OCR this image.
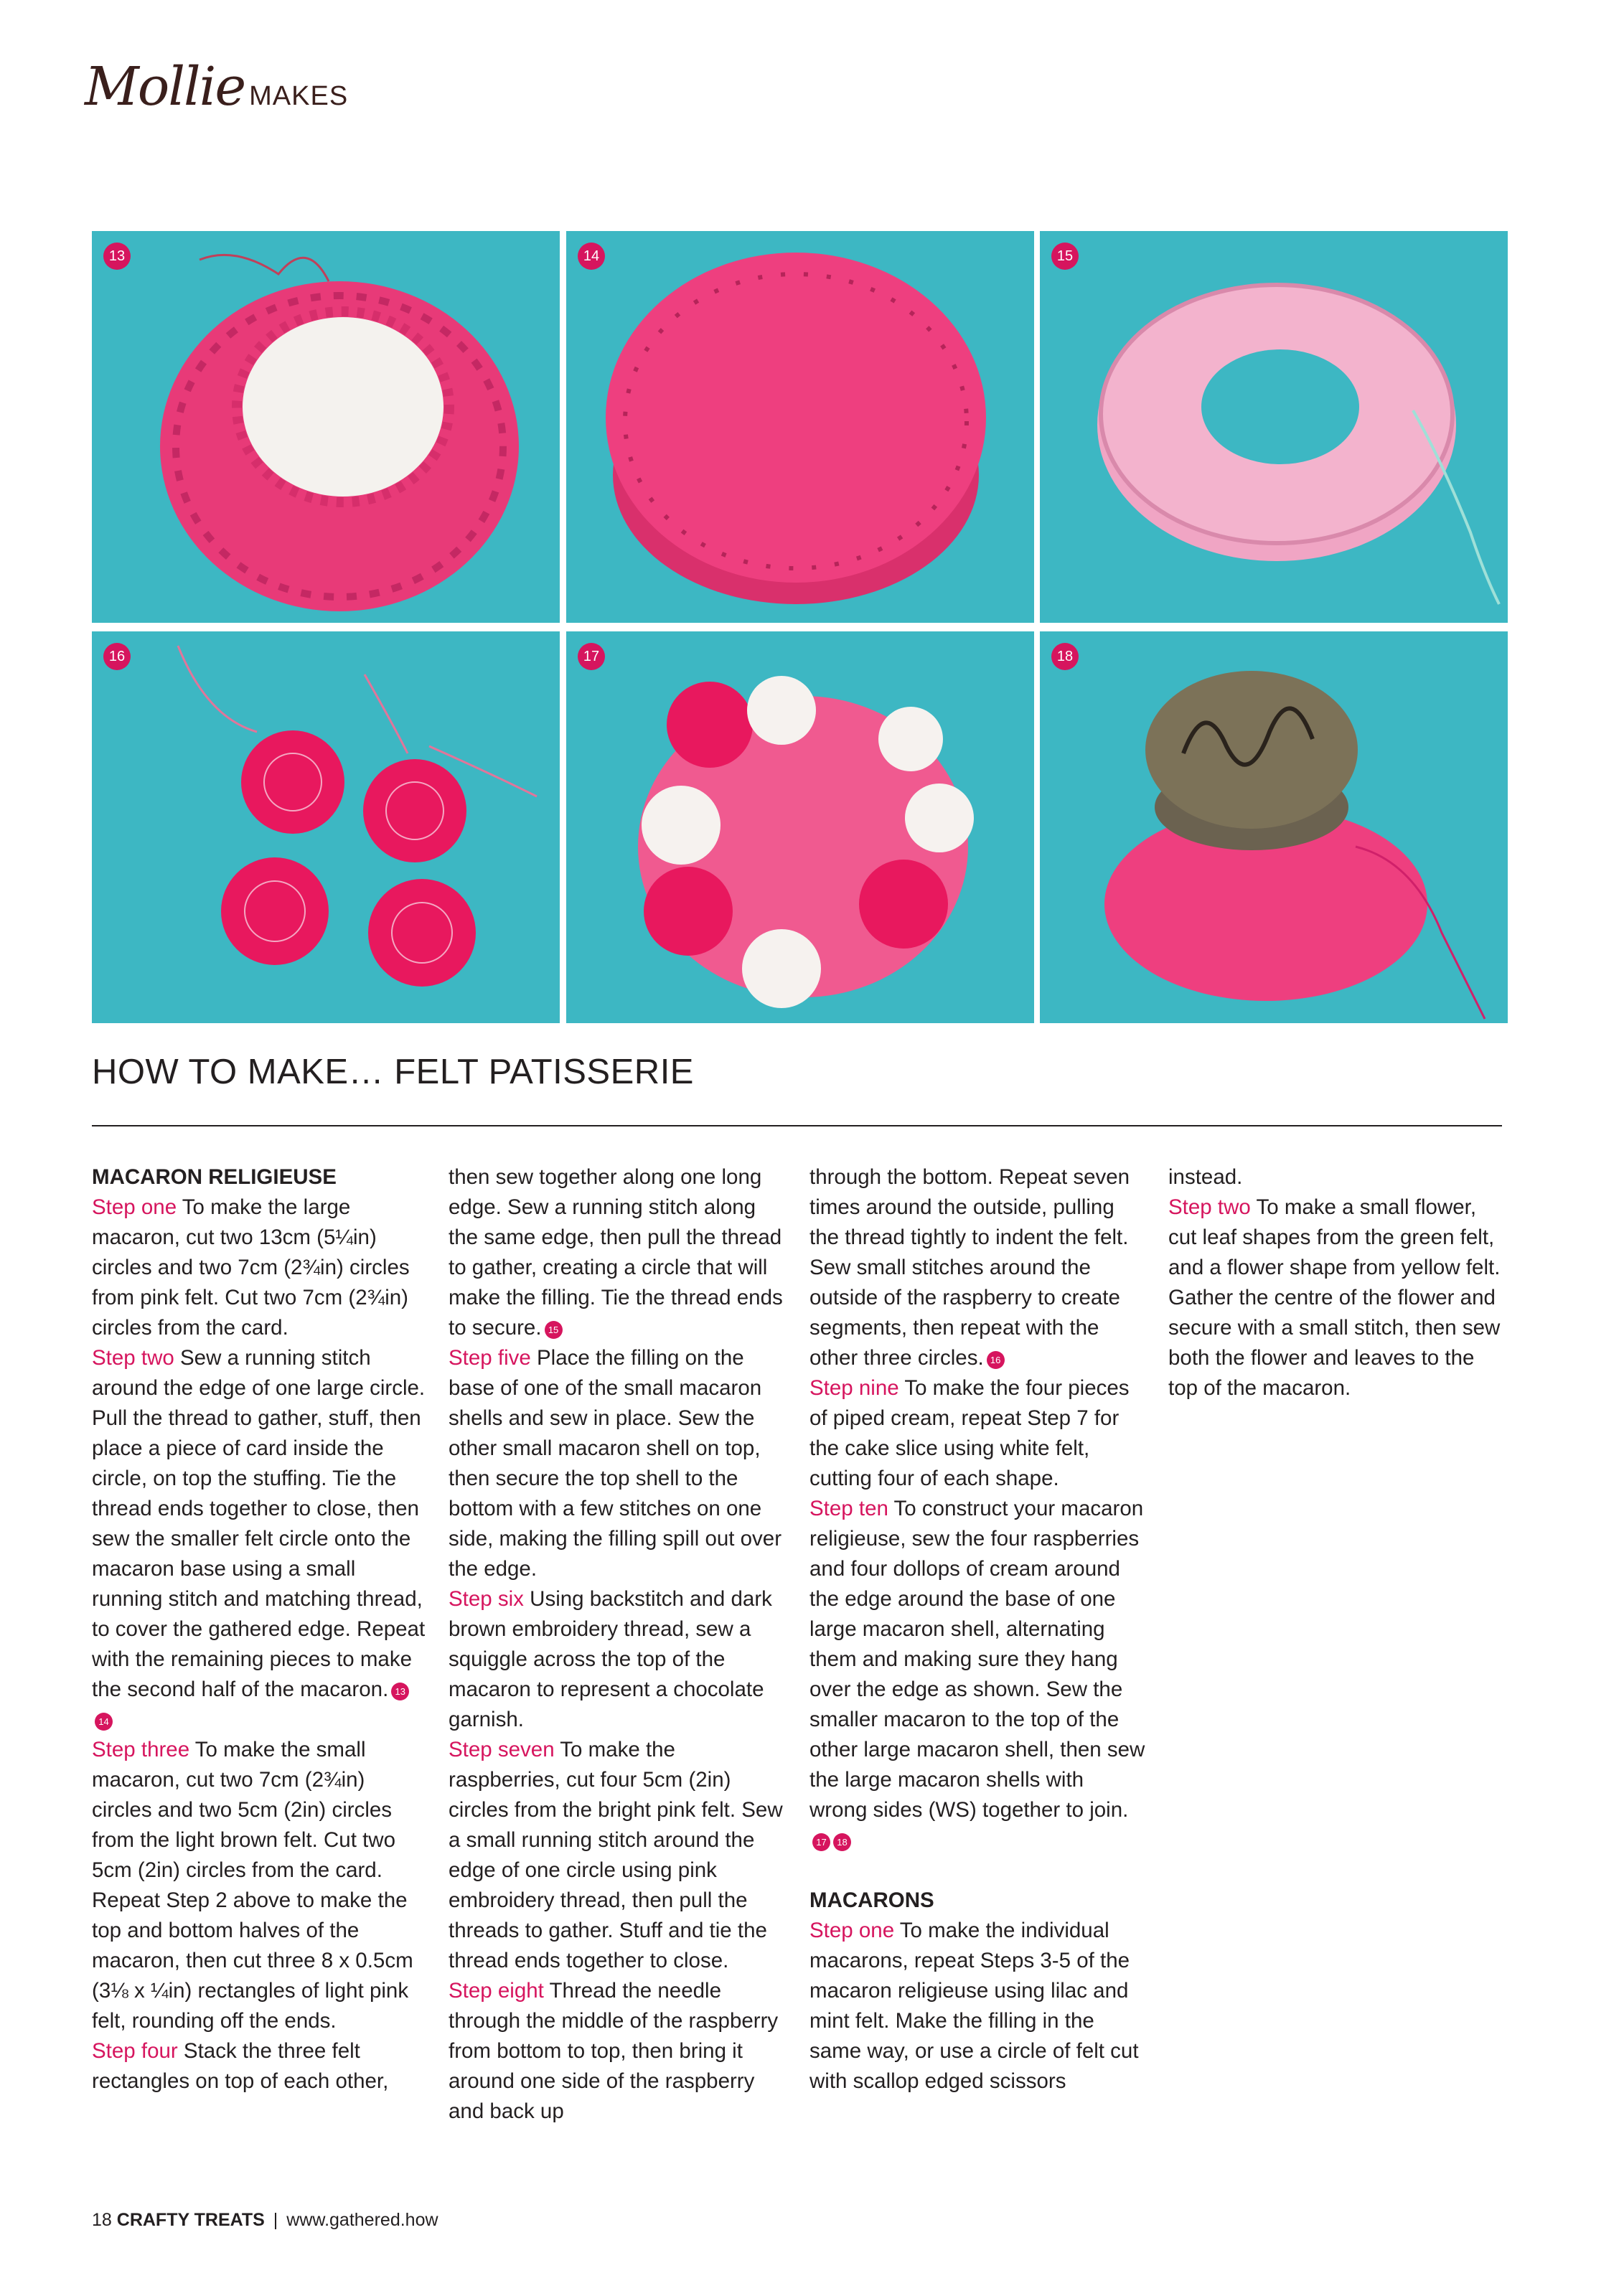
Mollie MAKES
13	14	15
16	17	18
HOW TO MAKE… FELT PATISSERIE

MACARON RELIGIEUSE

Step one To make the large macaron, cut two 13cm (5¼in) circles and two 7cm (2¾in) circles from pink felt. Cut two 7cm (2¾in) circles from the card.

Step two Sew a running stitch around the edge of one large circle. Pull the thread to gather, stuff, then place a piece of card inside the circle, on top the stuffing. Tie the thread ends together to close, then sew the smaller felt circle onto the macaron base using a small running stitch and matching thread, to cover the gathered edge. Repeat with the remaining pieces to make the second half of the macaron. 1314

Step three To make the small macaron, cut two 7cm (2¾in) circles and two 5cm (2in) circles from the light brown felt. Cut two 5cm (2in) circles from the card. Repeat Step 2 above to make the top and bottom halves of the macaron, then cut three 8 x 0.5cm (3⅛ x ¼in) rectangles of light pink felt, rounding off the ends.

Step four Stack the three felt rectangles on top of each other,

then sew together along one long edge. Sew a running stitch along the same edge, then pull the thread to gather, creating a circle that will make the filling. Tie the thread ends to secure. 15

Step five Place the filling on the base of one of the small macaron shells and sew in place. Sew the other small macaron shell on top, then secure the top shell to the bottom with a few stitches on one side, making the filling spill out over the edge.

Step six Using backstitch and dark brown embroidery thread, sew a squiggle across the top of the macaron to represent a chocolate garnish.

Step seven To make the raspberries, cut four 5cm (2in) circles from the bright pink felt. Sew a small running stitch around the edge of one circle using pink embroidery thread, then pull the threads to gather. Stuff and tie the thread ends together to close.

Step eight Thread the needle through the middle of the raspberry from bottom to top, then bring it around one side of the raspberry and back up

through the bottom. Repeat seven times around the outside, pulling the thread tightly to indent the felt. Sew small stitches around the outside of the raspberry to create segments, then repeat with the other three circles. 16

Step nine To make the four pieces of piped cream, repeat Step 7 for the cake slice using white felt, cutting four of each shape.

Step ten To construct your macaron religieuse, sew the four raspberries and four dollops of cream around the edge around the base of one large macaron shell, alternating them and making sure they hang over the edge as shown. Sew the smaller macaron to the top of the other large macaron shell, then sew the large macaron shells with wrong sides (WS) together to join.17 18

MACARONS

Step one To make the individual macarons, repeat Steps 3-5 of the macaron religieuse using lilac and mint felt. Make the filling in the same way, or use a circle of felt cut with scallop edged scissors

instead.

Step two To make a small flower, cut leaf shapes from the green felt, and a flower shape from yellow felt. Gather the centre of the flower and secure with a small stitch, then sew both the flower and leaves to the top of the macaron.

18 CRAFTY TREATS | www.gathered.how
